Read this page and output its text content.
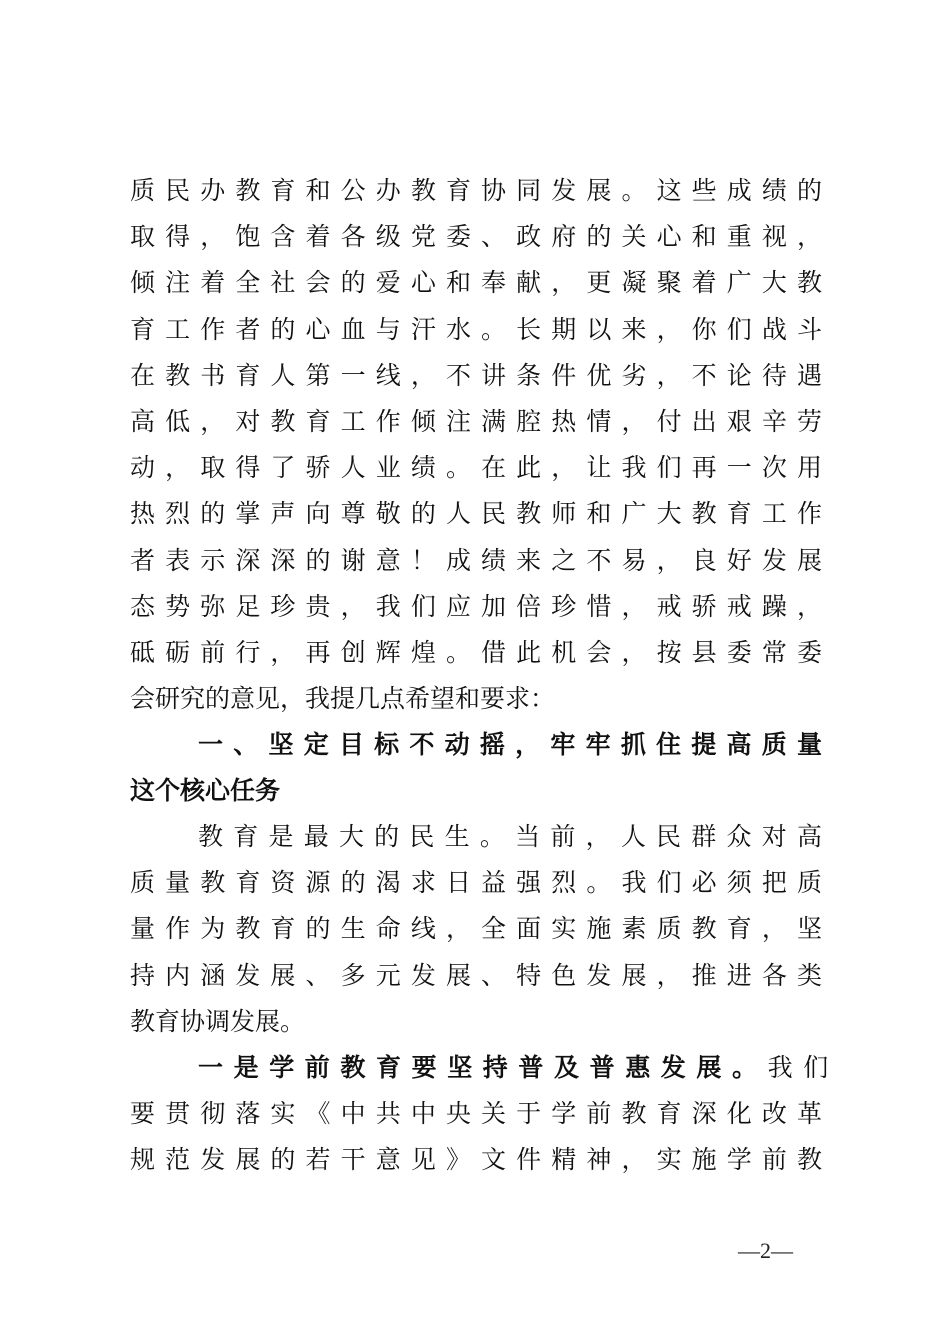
质民办教育和公办教育协同发展。这些成绩的
取得，饱含着各级党委、政府的关心和重视，
倾注着全社会的爱心和奉献，更凝聚着广大教
育工作者的心血与汗水。长期以来，你们战斗
在教书育人第一线，不讲条件优劣，不论待遇
高低，对教育工作倾注满腔热情，付出艰辛劳
动，取得了骄人业绩。在此，让我们再一次用
热烈的掌声向尊敬的人民教师和广大教育工作
者表示深深的谢意！成绩来之不易，良好发展
态势弥足珍贵，我们应加倍珍惜，戒骄戒躁，
砥砺前行，再创辉煌。借此机会，按县委常委
会研究的意见，我提几点希望和要求：
一、坚定目标不动摇，牢牢抓住提高质量
这个核心任务
教育是最大的民生。当前，人民群众对高
质量教育资源的渴求日益强烈。我们必须把质
量作为教育的生命线，全面实施素质教育，坚
持内涵发展、多元发展、特色发展，推进各类
教育协调发展。
一是学前教育要坚持普及普惠发展。 我们
要贯彻落实《中共中央关于学前教育深化改革
规范发展的若干意见》文件精神，实施学前教
—2—
